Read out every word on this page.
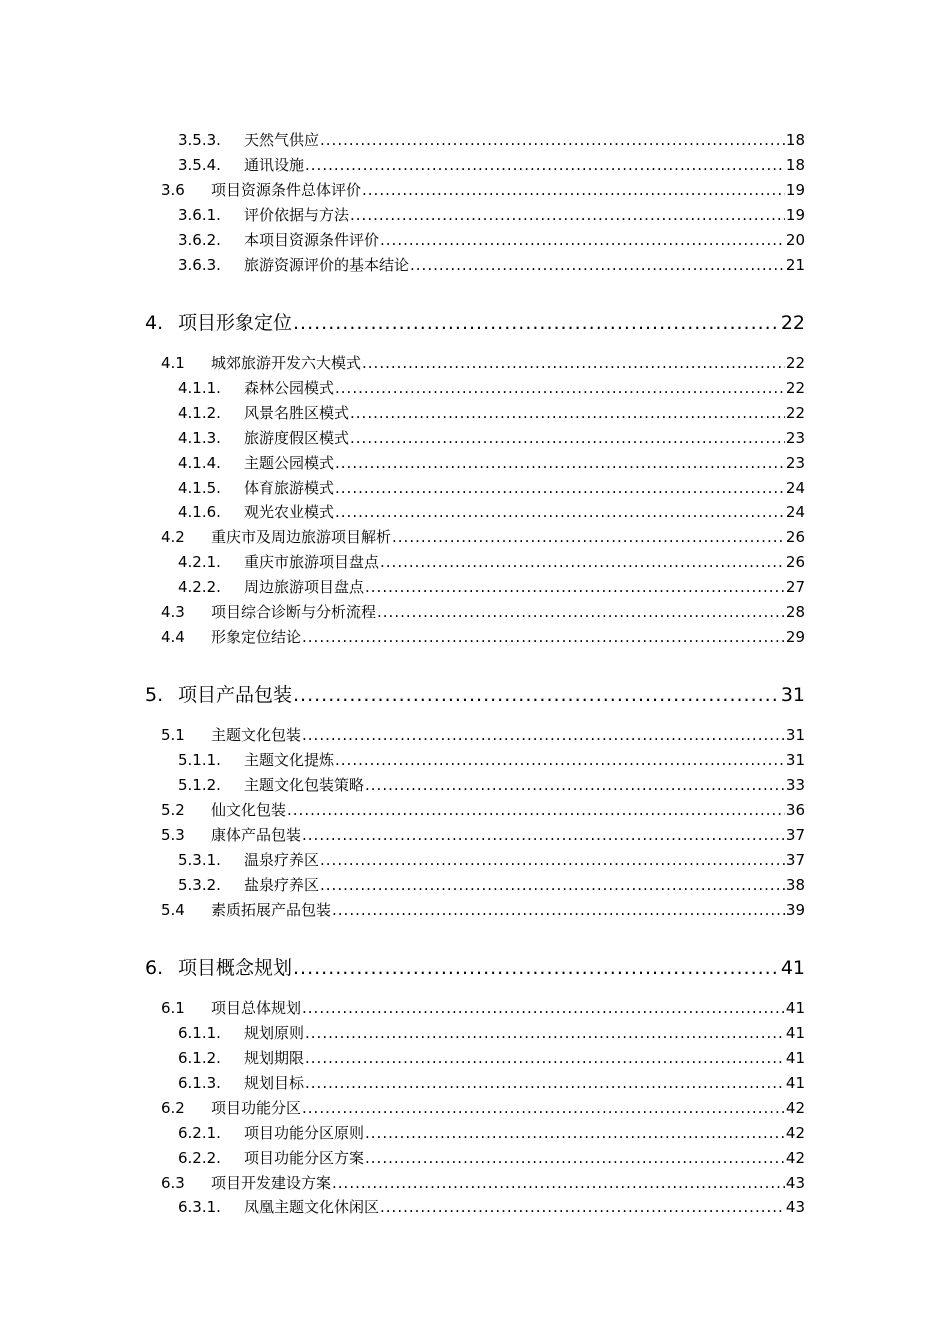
3.5.3.	天然气供应 .....	18
3.5.4.	通讯设施 .....	18
3.6	项目资源条件总体评价 .....	19
3.6.1.	评价依据与方法 .....	19
3.6.2.	本项目资源条件评价 .....	20
3.6.3.	旅游资源评价的基本结论 .....	21
4. 项目形象定位 .....	22
4.1	城郊旅游开发六大模式 .....	22
4.1.1.	森林公园模式 .....	22
4.1.2.	风景名胜区模式 .....	22
4.1.3.	旅游度假区模式 .....	23
4.1.4.	主题公园模式 .....	23
4.1.5.	体育旅游模式 .....	24
4.1.6.	观光农业模式 .....	24
4.2	重庆市及周边旅游项目解析 .....	26
4.2.1.	重庆市旅游项目盘点 .....	26
4.2.2.	周边旅游项目盘点 .....	27
4.3	项目综合诊断与分析流程 .....	28
4.4	形象定位结论 .....	29
5. 项目产品包装 .....	31
5.1	主题文化包装 .....	31
5.1.1.	主题文化提炼 .....	31
5.1.2.	主题文化包装策略 .....	33
5.2	仙文化包装 .....	36
5.3	康体产品包装 .....	37
5.3.1.	温泉疗养区 .....	37
5.3.2.	盐泉疗养区 .....	38
5.4	素质拓展产品包装 .....	39
6. 项目概念规划 .....	41
6.1	项目总体规划 .....	41
6.1.1.	规划原则 .....	41
6.1.2.	规划期限 .....	41
6.1.3.	规划目标 .....	41
6.2	项目功能分区 .....	42
6.2.1.	项目功能分区原则 .....	42
6.2.2.	项目功能分区方案 .....	42
6.3	项目开发建设方案 .....	43
6.3.1.	凤凰主题文化休闲区 .....	43
